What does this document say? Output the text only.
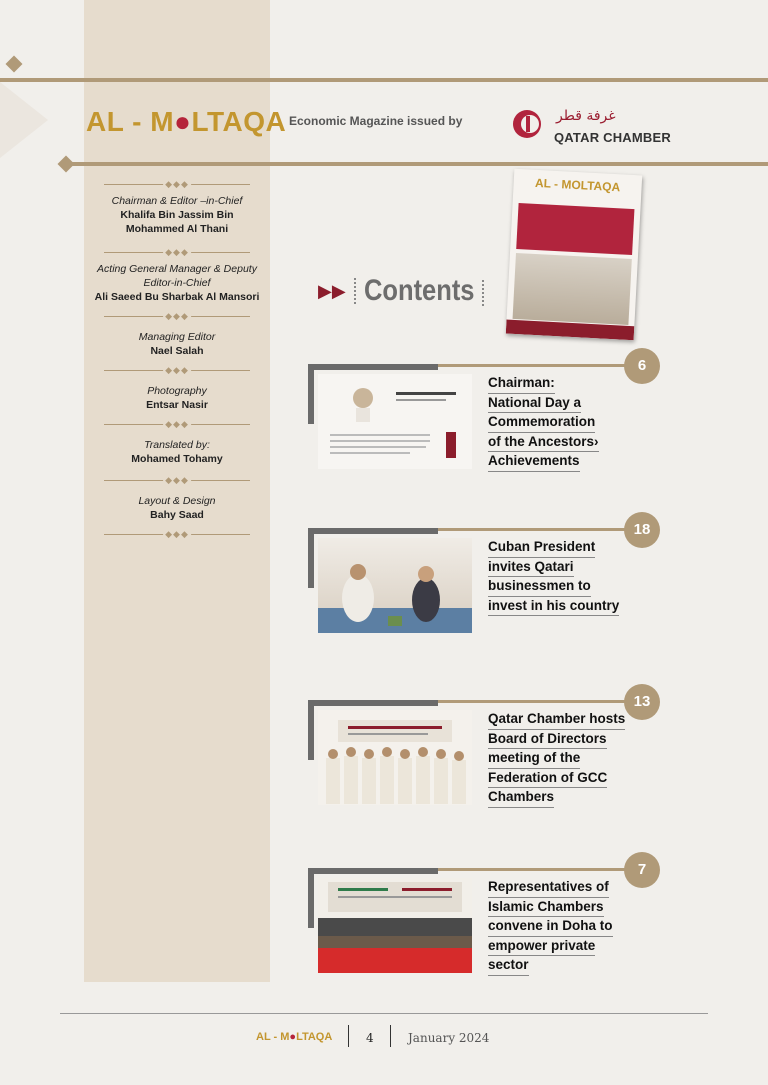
AL - M●LTAQA Economic Magazine issued by	غرفة قطر
QATAR CHAMBER
◆◆◆
Chairman & Editor –in-Chief
Khalifa Bin Jassim Bin Mohammed Al Thani
◆◆◆
Acting General Manager & Deputy Editor-in-Chief
Ali Saeed Bu Sharbak Al Mansori
◆◆◆
Managing Editor
Nael Salah
◆◆◆
Photography
Entsar Nasir
◆◆◆
Translated by:
Mohamed Tohamy
◆◆◆
Layout & Design
Bahy Saad
◆◆◆
▶▶ Contents
AL - MOLTAQA
6
Chairman:
National Day a
Commemoration
of the Ancestors›
Achievements
18
Cuban President
invites Qatari
businessmen to
invest in his country
13
Qatar Chamber hosts
Board of Directors
meeting of the
Federation of GCC
Chambers
7
Representatives of
Islamic Chambers
convene in Doha to
empower private
sector
AL - M●LTAQA	4	January 2024
